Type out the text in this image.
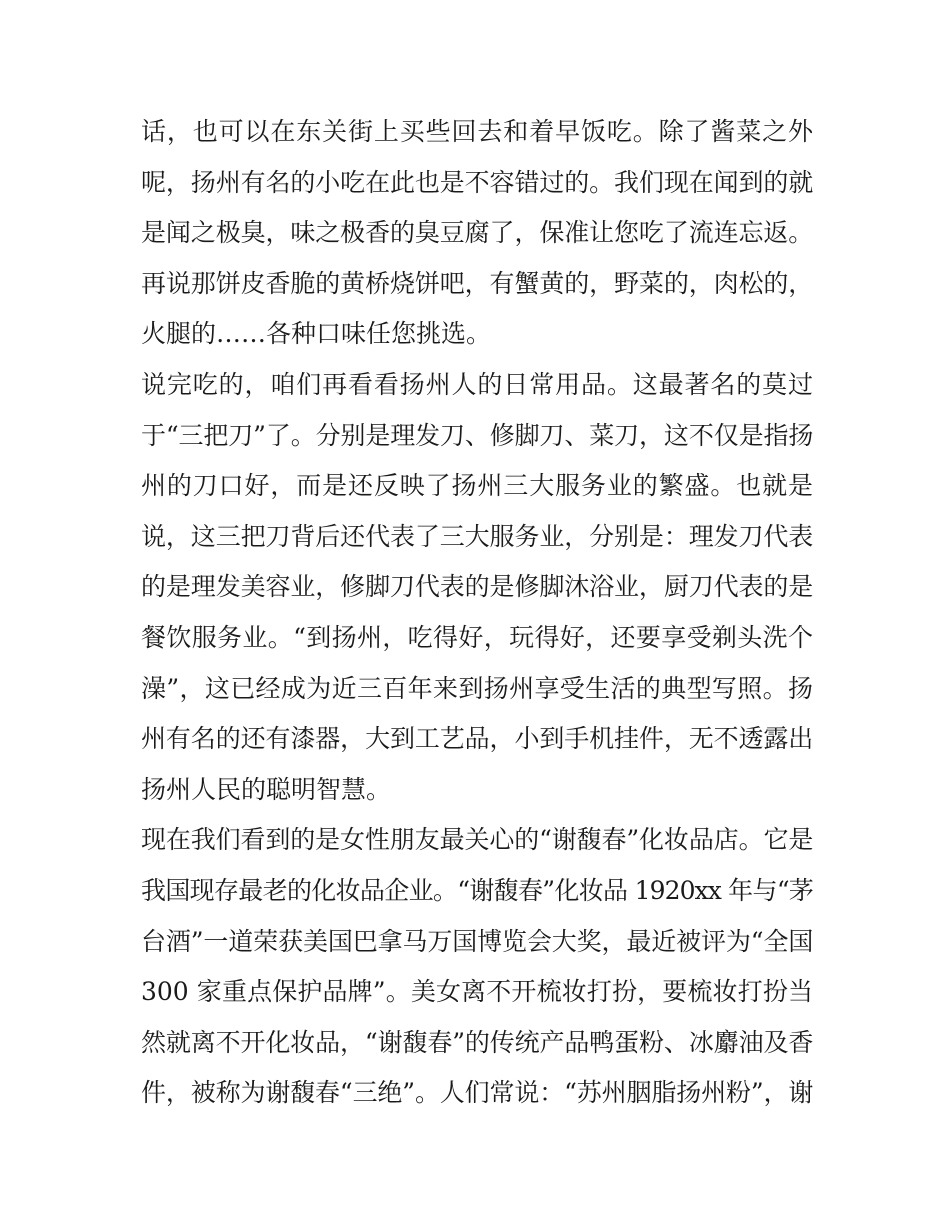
话，也可以在东关街上买些回去和着早饭吃。除了酱菜之外
呢，扬州有名的小吃在此也是不容错过的。我们现在闻到的就
是闻之极臭，味之极香的臭豆腐了，保准让您吃了流连忘返。
再说那饼皮香脆的黄桥烧饼吧，有蟹黄的，野菜的，肉松的，
火腿的……各种口味任您挑选。
说完吃的，咱们再看看扬州人的日常用品。这最著名的莫过
于“三把刀”了。分别是理发刀、修脚刀、菜刀，这不仅是指扬
州的刀口好，而是还反映了扬州三大服务业的繁盛。也就是
说，这三把刀背后还代表了三大服务业，分别是：理发刀代表
的是理发美容业，修脚刀代表的是修脚沐浴业，厨刀代表的是
餐饮服务业。“到扬州，吃得好，玩得好，还要享受剃头洗个
澡”，这已经成为近三百年来到扬州享受生活的典型写照。扬
州有名的还有漆器，大到工艺品，小到手机挂件，无不透露出
扬州人民的聪明智慧。
现在我们看到的是女性朋友最关心的“谢馥春”化妆品店。它是
我国现存最老的化妆品企业。“谢馥春”化妆品 1920xx 年与“茅
台酒”一道荣获美国巴拿马万国博览会大奖，最近被评为“全国
300 家重点保护品牌”。美女离不开梳妆打扮，要梳妆打扮当
然就离不开化妆品，“谢馥春”的传统产品鸭蛋粉、冰麝油及香
件，被称为谢馥春“三绝”。人们常说：“苏州胭脂扬州粉”，谢
